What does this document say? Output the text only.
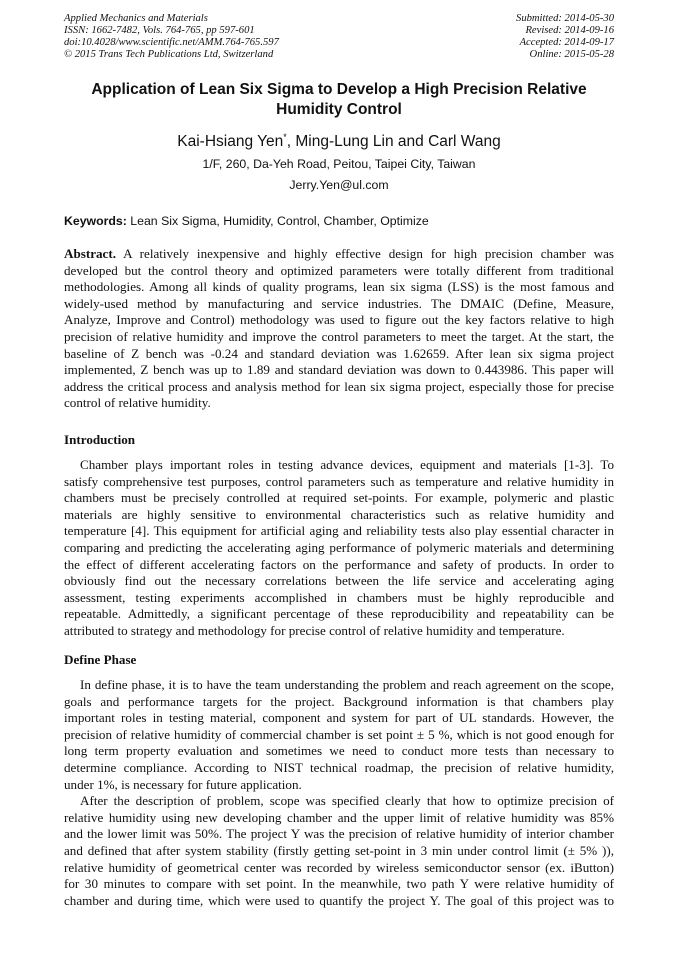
Applied Mechanics and Materials
ISSN: 1662-7482, Vols. 764-765, pp 597-601
doi:10.4028/www.scientific.net/AMM.764-765.597
© 2015 Trans Tech Publications Ltd, Switzerland
Submitted: 2014-05-30
Revised: 2014-09-16
Accepted: 2014-09-17
Online: 2015-05-28
Application of Lean Six Sigma to Develop a High Precision Relative
Humidity Control
Kai-Hsiang Yen*, Ming-Lung Lin and Carl Wang
1/F, 260, Da-Yeh Road, Peitou, Taipei City, Taiwan
Jerry.Yen@ul.com
Keywords: Lean Six Sigma, Humidity, Control, Chamber, Optimize
Abstract. A relatively inexpensive and highly effective design for high precision chamber was
developed but the control theory and optimized parameters were totally different from traditional
methodologies. Among all kinds of quality programs, lean six sigma (LSS) is the most famous and
widely-used method by manufacturing and service industries. The DMAIC (Define, Measure,
Analyze, Improve and Control) methodology was used to figure out the key factors relative to high
precision of relative humidity and improve the control parameters to meet the target. At the start, the
baseline of Z bench was -0.24 and standard deviation was 1.62659. After lean six sigma project
implemented, Z bench was up to 1.89 and standard deviation was down to 0.443986. This paper will
address the critical process and analysis method for lean six sigma project, especially those for precise
control of relative humidity.
Introduction
Chamber plays important roles in testing advance devices, equipment and materials [1-3]. To
satisfy comprehensive test purposes, control parameters such as temperature and relative humidity in
chambers must be precisely controlled at required set-points. For example, polymeric and plastic
materials are highly sensitive to environmental characteristics such as relative humidity and
temperature [4]. This equipment for artificial aging and reliability tests also play essential character in
comparing and predicting the accelerating aging performance of polymeric materials and determining
the effect of different accelerating factors on the performance and safety of products. In order to
obviously find out the necessary correlations between the life service and accelerating aging
assessment, testing experiments accomplished in chambers must be highly reproducible and
repeatable. Admittedly, a significant percentage of these reproducibility and repeatability can be
attributed to strategy and methodology for precise control of relative humidity and temperature.
Define Phase
In define phase, it is to have the team understanding the problem and reach agreement on the scope,
goals and performance targets for the project. Background information is that chambers play
important roles in testing material, component and system for part of UL standards. However, the
precision of relative humidity of commercial chamber is set point ± 5 %, which is not good enough for
long term property evaluation and sometimes we need to conduct more tests than necessary to
determine compliance. According to NIST technical roadmap, the precision of relative humidity,
under 1%, is necessary for future application.
After the description of problem, scope was specified clearly that how to optimize precision of
relative humidity using new developing chamber and the upper limit of relative humidity was 85%
and the lower limit was 50%. The project Y was the precision of relative humidity of interior chamber
and defined that after system stability (firstly getting set-point in 3 min under control limit (± 5% )),
relative humidity of geometrical center was recorded by wireless semiconductor sensor (ex. iButton)
for 30 minutes to compare with set point. In the meanwhile, two path Y were relative humidity of
chamber and during time, which were used to quantify the project Y. The goal of this project was to
